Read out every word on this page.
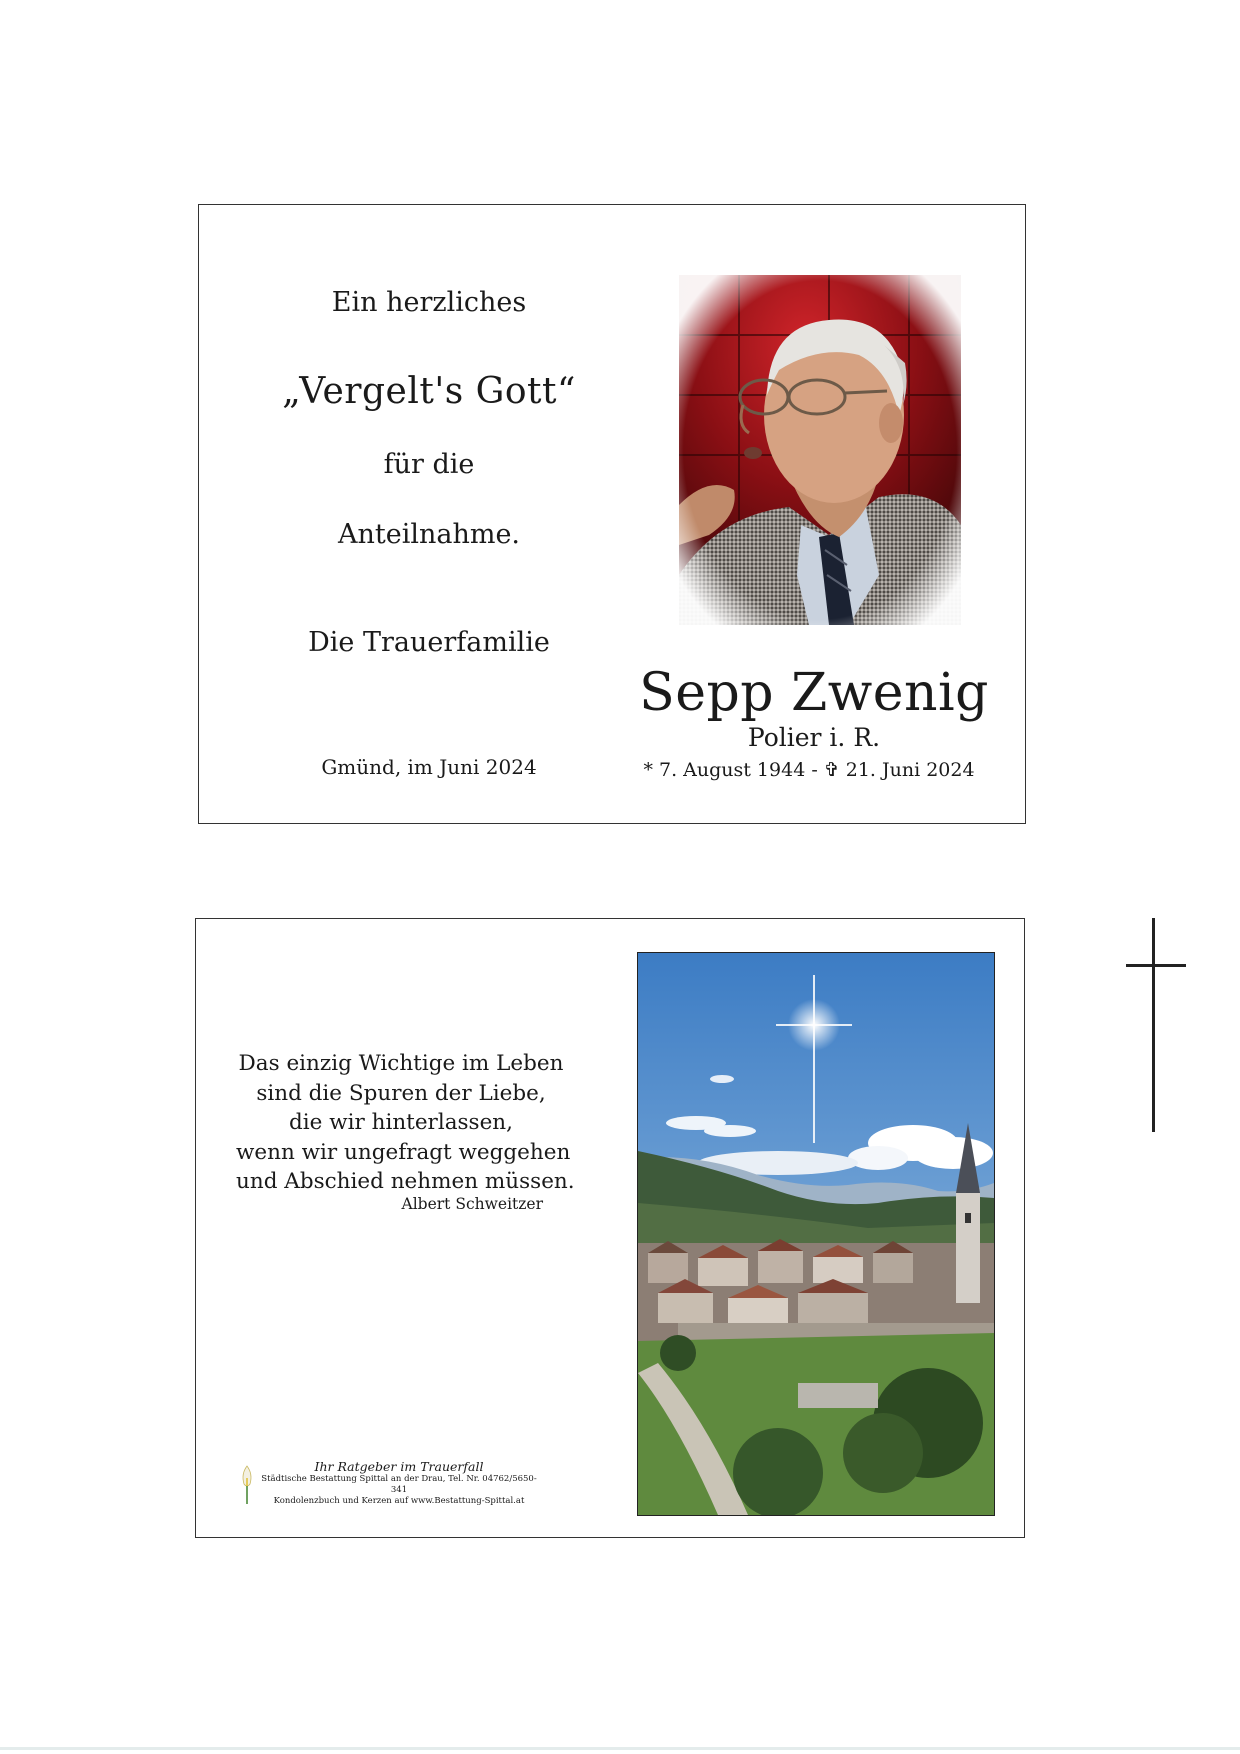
Ein herzliches
„Vergelt's Gott“
für die
Anteilnahme.
Die Trauerfamilie
Gmünd, im Juni 2024
Sepp Zwenig
Polier i. R.
* 7. August 1944 - ✞ 21. Juni 2024
Das einzig Wichtige im Leben
sind die Spuren der Liebe,
die wir hinterlassen,
wenn wir ungefragt weggehen
und Abschied nehmen müssen.
Albert Schweitzer
Ihr Ratgeber im Trauerfall
Städtische Bestattung Spittal an der Drau, Tel. Nr. 04762/5650-341
Kondolenzbuch und Kerzen auf www.Bestattung-Spittal.at
